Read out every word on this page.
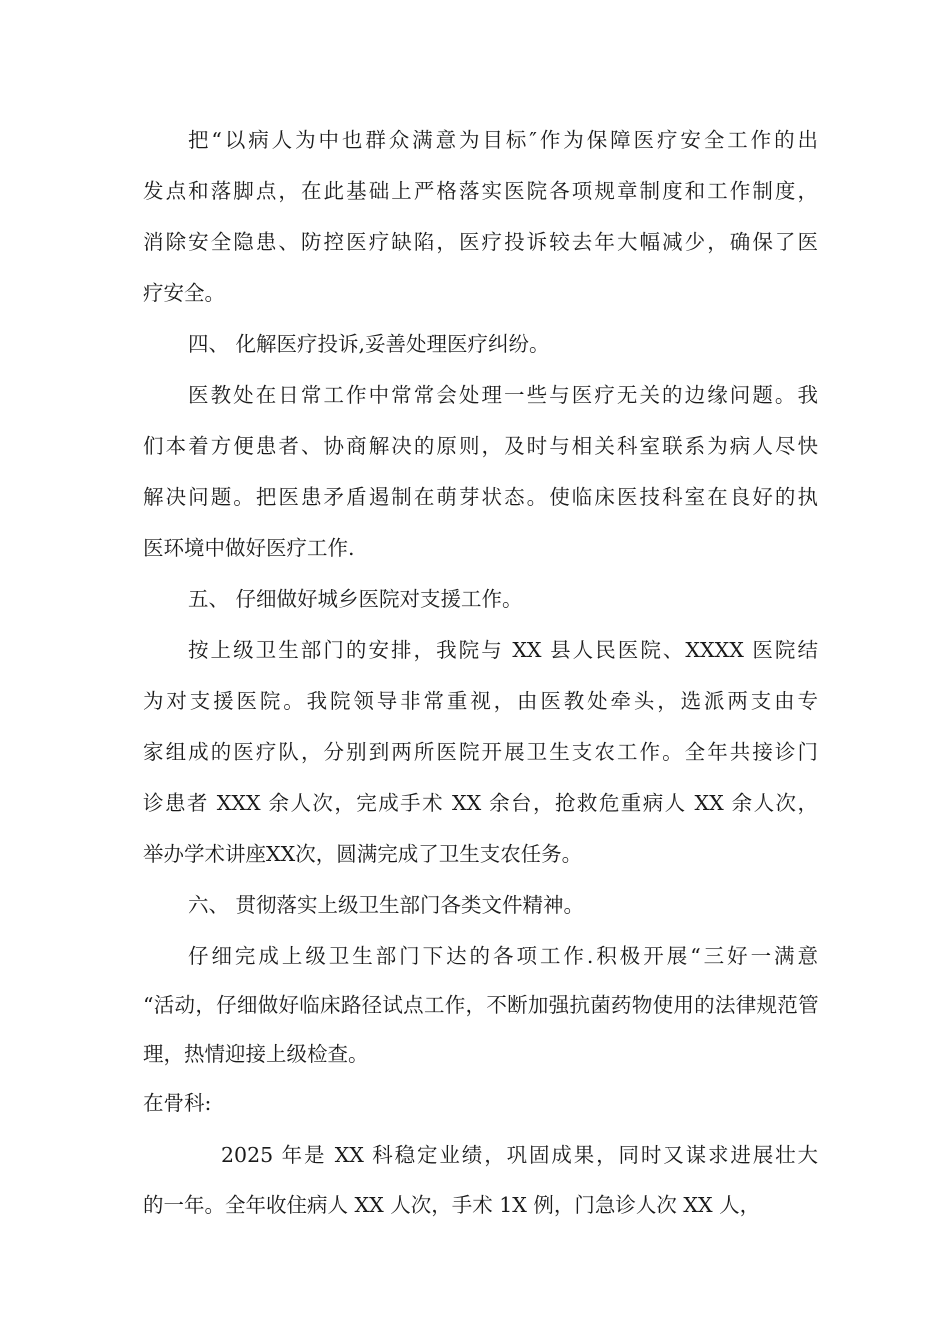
把“以病人为中也群众满意为目标″作为保障医疗安全工作的出
发点和落脚点，在此基础上严格落实医院各项规章制度和工作制度，
消除安全隐患、防控医疗缺陷，医疗投诉较去年大幅减少，确保了医
疗安全。
四、 化解医疗投诉,妥善处理医疗纠纷。
医教处在日常工作中常常会处理一些与医疗无关的边缘问题。我
们本着方便患者、协商解决的原则，及时与相关科室联系为病人尽快
解决问题。把医患矛盾遏制在萌芽状态。使临床医技科室在良好的执
医环境中做好医疗工作.
五、 仔细做好城乡医院对支援工作。
按上级卫生部门的安排，我院与 XX 县人民医院、XXXX 医院结
为对支援医院。我院领导非常重视，由医教处牵头，选派两支由专
家组成的医疗队，分别到两所医院开展卫生支农工作。全年共接诊门
诊患者 XXX 余人次，完成手术 XX 余台，抢救危重病人 XX 余人次，
举办学术讲座XX次，圆满完成了卫生支农任务。
六、 贯彻落实上级卫生部门各类文件精神。
仔细完成上级卫生部门下达的各项工作.积极开展“三好一满意
“活动，仔细做好临床路径试点工作，不断加强抗菌药物使用的法律规范管
理，热情迎接上级检查。
在骨科:
2025 年是 XX 科稳定业绩，巩固成果，同时又谋求进展壮大
的一年。全年收住病人 XX 人次，手术 1X 例，门急诊人次 XX 人，
